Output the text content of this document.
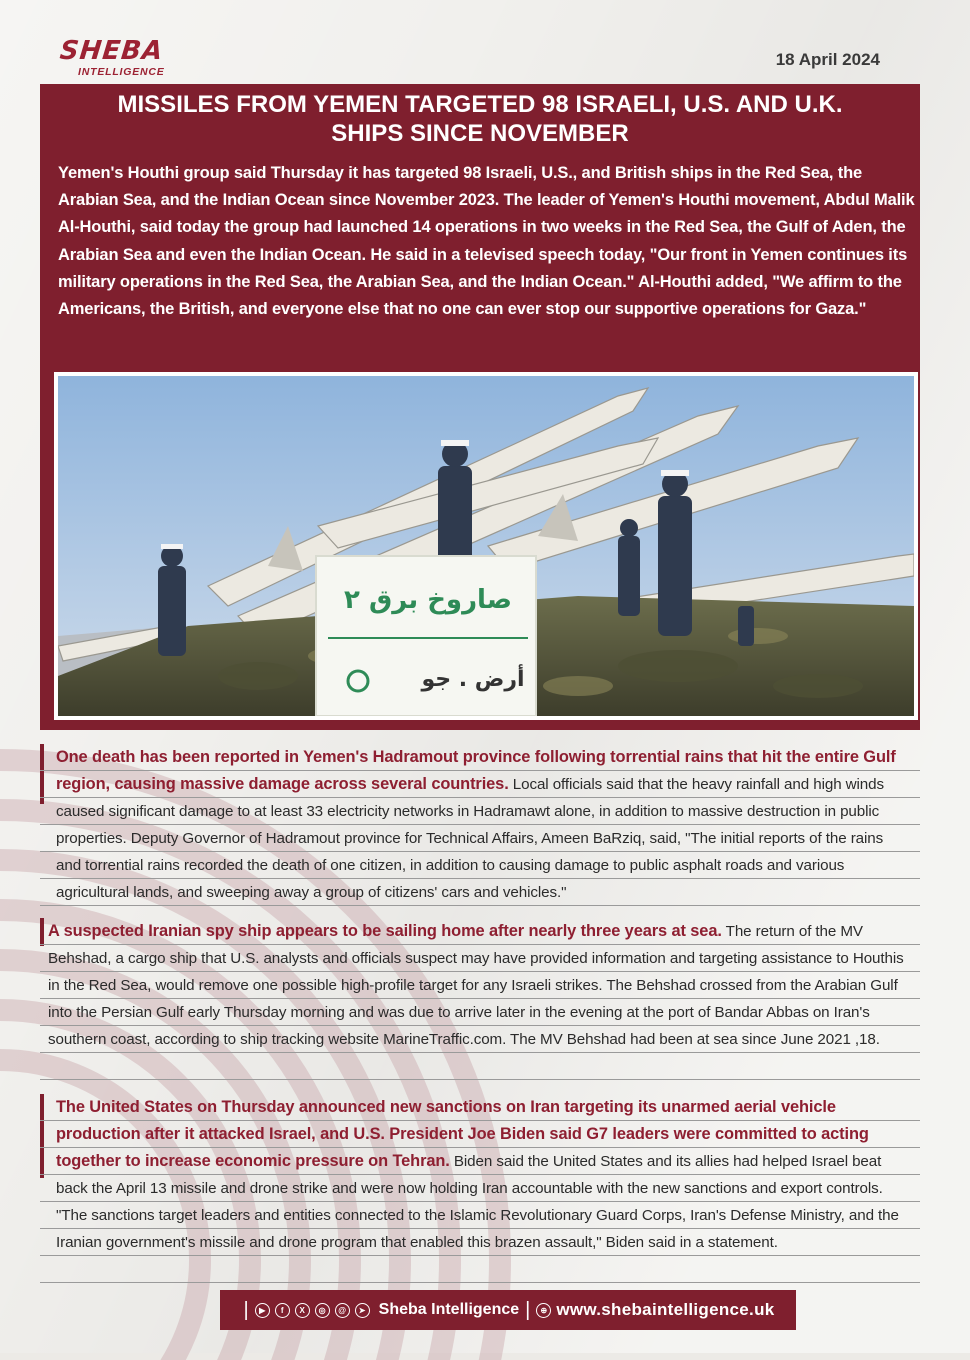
SHEBA
INTELLIGENCE
18 April 2024
MISSILES FROM YEMEN TARGETED 98 ISRAELI, U.S. AND U.K.
SHIPS SINCE NOVEMBER
Yemen's Houthi group said Thursday it has targeted 98 Israeli, U.S., and British ships in the Red Sea, the Arabian Sea, and the Indian Ocean since November 2023. The leader of Yemen's Houthi movement, Abdul Malik Al-Houthi, said today the group had launched 14 operations in two weeks in the Red Sea, the Gulf of Aden, the Arabian Sea and even the Indian Ocean. He said in a televised speech today, "Our front in Yemen continues its military operations in the Red Sea, the Arabian Sea, and the Indian Ocean." Al-Houthi added, "We affirm to the Americans, the British, and everyone else that no one can ever stop our supportive operations for Gaza."
صاروخ برق ٢
أرض . جو
One death has been reported in Yemen's Hadramout province following torrential rains that hit the entire Gulf region, causing massive damage across several countries. Local officials said that the heavy rainfall and high winds caused significant damage to at least 33 electricity networks in Hadramawt alone, in addition to massive destruction in public properties. Deputy Governor of Hadramout province for Technical Affairs, Ameen BaRziq, said, "The initial reports of the rains and torrential rains recorded the death of one citizen, in addition to causing damage to public asphalt roads and various agricultural lands, and sweeping away a group of citizens' cars and vehicles."
A suspected Iranian spy ship appears to be sailing home after nearly three years at sea. The return of the MV Behshad, a cargo ship that U.S. analysts and officials suspect may have provided information and targeting assistance to Houthis in the Red Sea, would remove one possible high-profile target for any Israeli strikes. The Behshad crossed from the Arabian Gulf into the Persian Gulf early Thursday morning and was due to arrive later in the evening at the port of Bandar Abbas on Iran's southern coast, according to ship tracking website MarineTraffic.com. The MV Behshad had been at sea since June 2021 ,18.
The United States on Thursday announced new sanctions on Iran targeting its unarmed aerial vehicle production after it attacked Israel, and U.S. President Joe Biden said G7 leaders were committed to acting together to increase economic pressure on Tehran. Biden said the United States and its allies had helped Israel beat back the April 13 missile and drone strike and were now holding Iran accountable with the new sanctions and export controls. "The sanctions target leaders and entities connected to the Islamic Revolutionary Guard Corps, Iran's Defense Ministry, and the Iranian government's missile and drone program that enabled this brazen assault," Biden said in a statement.
|	▶	f	X	◎	@	➤ Sheba Intelligence |	⊕ www.shebaintelligence.uk
